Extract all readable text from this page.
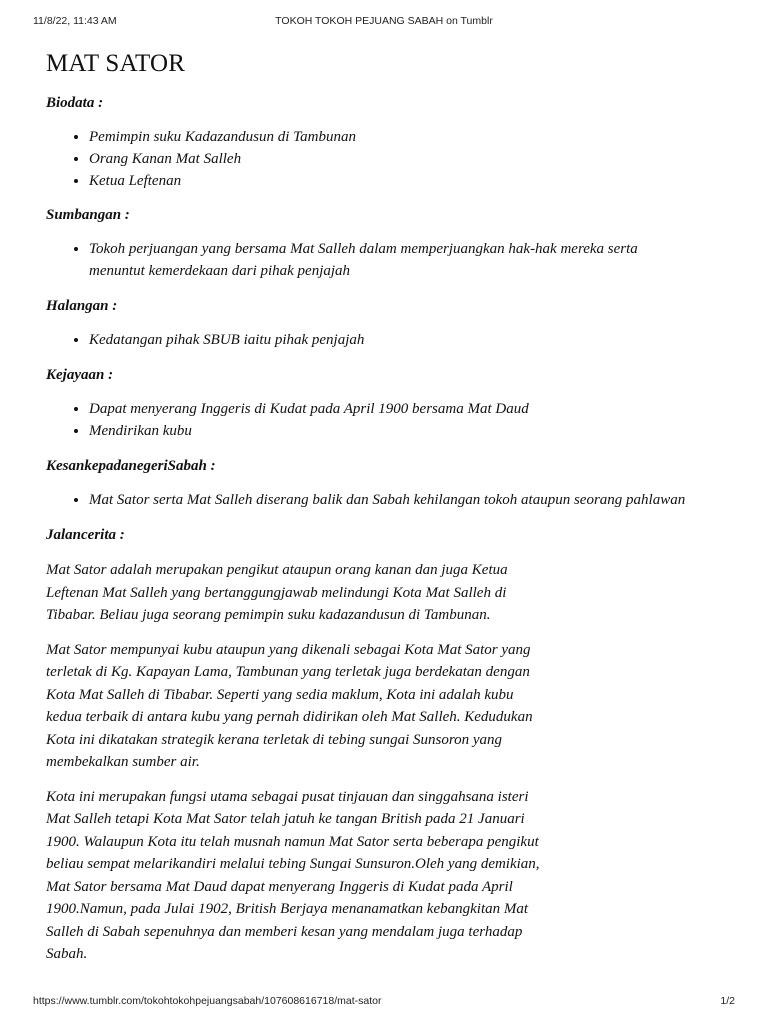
11/8/22, 11:43 AM	TOKOH TOKOH PEJUANG SABAH on Tumblr
MAT SATOR
Biodata :
• Pemimpin suku Kadazandusun di Tambunan
• Orang Kanan Mat Salleh
• Ketua Leftenan
Sumbangan :
• Tokoh perjuangan yang bersama Mat Salleh dalam memperjuangkan hak-hak mereka serta menuntut kemerdekaan dari pihak penjajah
Halangan :
• Kedatangan pihak SBUB iaitu pihak penjajah
Kejayaan :
• Dapat menyerang Inggeris di Kudat pada April 1900 bersama Mat Daud
• Mendirikan kubu
KesankepadanegeriSabah :
• Mat Sator serta Mat Salleh diserang balik dan Sabah kehilangan tokoh ataupun seorang pahlawan
Jalancerita :

Mat Sator adalah merupakan pengikut ataupun orang kanan dan juga Ketua Leftenan Mat Salleh yang bertanggungjawab melindungi Kota Mat Salleh di Tibabar. Beliau juga seorang pemimpin suku kadazandusun di Tambunan.

Mat Sator mempunyai kubu ataupun yang dikenali sebagai Kota Mat Sator yang terletak di Kg. Kapayan Lama, Tambunan yang terletak juga berdekatan dengan Kota Mat Salleh di Tibabar. Seperti yang sedia maklum, Kota ini adalah kubu kedua terbaik di antara kubu yang pernah didirikan oleh Mat Salleh. Kedudukan Kota ini dikatakan strategik kerana terletak di tebing sungai Sunsoron yang membekalkan sumber air.

Kota ini merupakan fungsi utama sebagai pusat tinjauan dan singgahsana isteri Mat Salleh tetapi Kota Mat Sator telah jatuh ke tangan British pada 21 Januari 1900. Walaupun Kota itu telah musnah namun Mat Sator serta beberapa pengikut beliau sempat melarikandiri melalui tebing Sungai Sunsuron.Oleh yang demikian, Mat Sator bersama Mat Daud dapat menyerang Inggeris di Kudat pada April 1900.Namun, pada Julai 1902, British Berjaya menanamatkan kebangkitan Mat Salleh di Sabah sepenuhnya dan memberi kesan yang mendalam juga terhadap Sabah.

https://www.tumblr.com/tokohtokohpejuangsabah/107608616718/mat-sator	1/2
